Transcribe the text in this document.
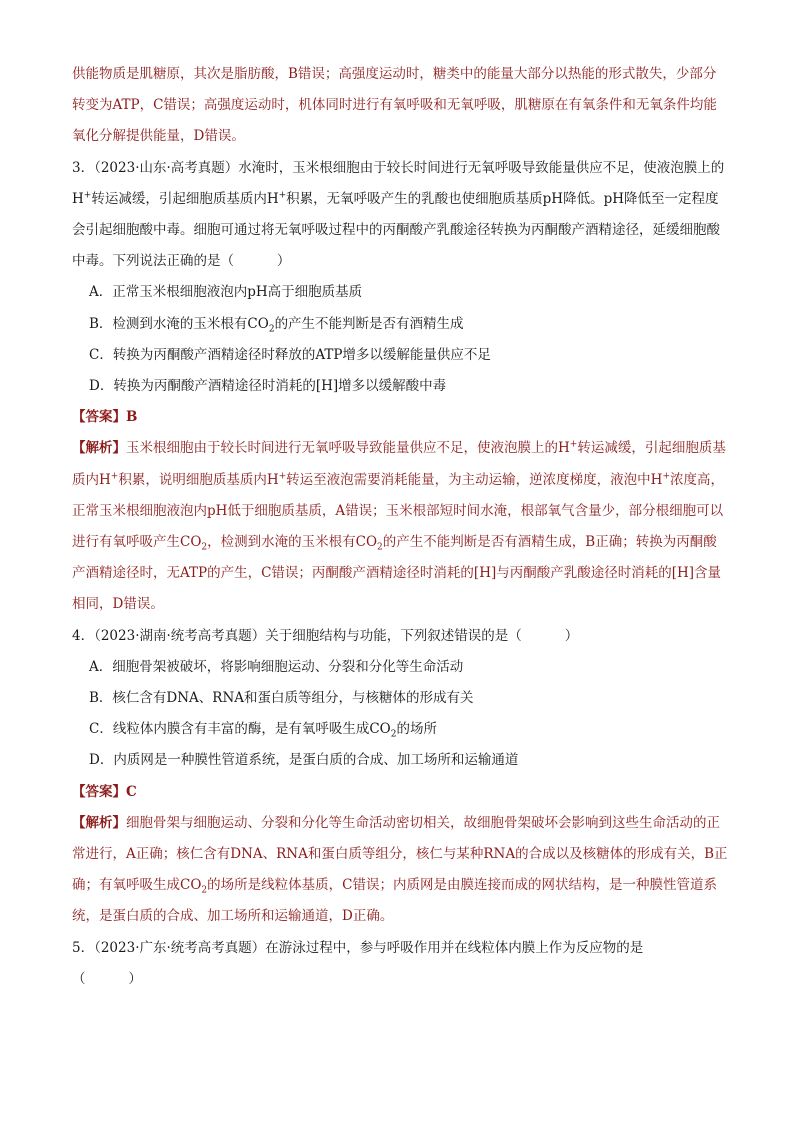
供能物质是肌糖原，其次是脂肪酸，B错误；高强度运动时，糖类中的能量大部分以热能的形式散失，少部分转变为ATP，C错误；高强度运动时，机体同时进行有氧呼吸和无氧呼吸，肌糖原在有氧条件和无氧条件均能氧化分解提供能量，D错误。

3．（2023·山东·高考真题）水淹时，玉米根细胞由于较长时间进行无氧呼吸导致能量供应不足，使液泡膜上的H+转运减缓，引起细胞质基质内H+积累，无氧呼吸产生的乳酸也使细胞质基质pH降低。pH降低至一定程度会引起细胞酸中毒。细胞可通过将无氧呼吸过程中的丙酮酸产乳酸途径转换为丙酮酸产酒精途径，延缓细胞酸中毒。下列说法正确的是（	）

A．正常玉米根细胞液泡内pH高于细胞质基质

B．检测到水淹的玉米根有$CO_2$的产生不能判断是否有酒精生成

C．转换为丙酮酸产酒精途径时释放的ATP增多以缓解能量供应不足

D．转换为丙酮酸产酒精途径时消耗的[H]增多以缓解酸中毒

【答案】B

【解析】玉米根细胞由于较长时间进行无氧呼吸导致能量供应不足，使液泡膜上的H+转运减缓，引起细胞质基质内H+积累，说明细胞质基质内H+转运至液泡需要消耗能量，为主动运输，逆浓度梯度，液泡中H+浓度高，正常玉米根细胞液泡内pH低于细胞质基质，A错误；玉米根部短时间水淹，根部氧气含量少，部分根细胞可以进行有氧呼吸产生$CO_2$，检测到水淹的玉米根有$CO_2$的产生不能判断是否有酒精生成，B正确；转换为丙酮酸产酒精途径时，无ATP的产生，C错误；丙酮酸产酒精途径时消耗的[H]与丙酮酸产乳酸途径时消耗的[H]含量相同，D错误。

4．（2023·湖南·统考高考真题）关于细胞结构与功能，下列叙述错误的是（	）

A．细胞骨架被破坏，将影响细胞运动、分裂和分化等生命活动

B．核仁含有DNA、RNA和蛋白质等组分，与核糖体的形成有关

C．线粒体内膜含有丰富的酶，是有氧呼吸生成$CO_2$的场所

D．内质网是一种膜性管道系统，是蛋白质的合成、加工场所和运输通道

【答案】C

【解析】细胞骨架与细胞运动、分裂和分化等生命活动密切相关，故细胞骨架破坏会影响到这些生命活动的正常进行，A正确；核仁含有DNA、RNA和蛋白质等组分，核仁与某种RNA的合成以及核糖体的形成有关，B正确；有氧呼吸生成$CO_2$的场所是线粒体基质，C错误；内质网是由膜连接而成的网状结构，是一种膜性管道系统，是蛋白质的合成、加工场所和运输通道，D正确。

5．（2023·广东·统考高考真题）在游泳过程中，参与呼吸作用并在线粒体内膜上作为反应物的是

（	）
